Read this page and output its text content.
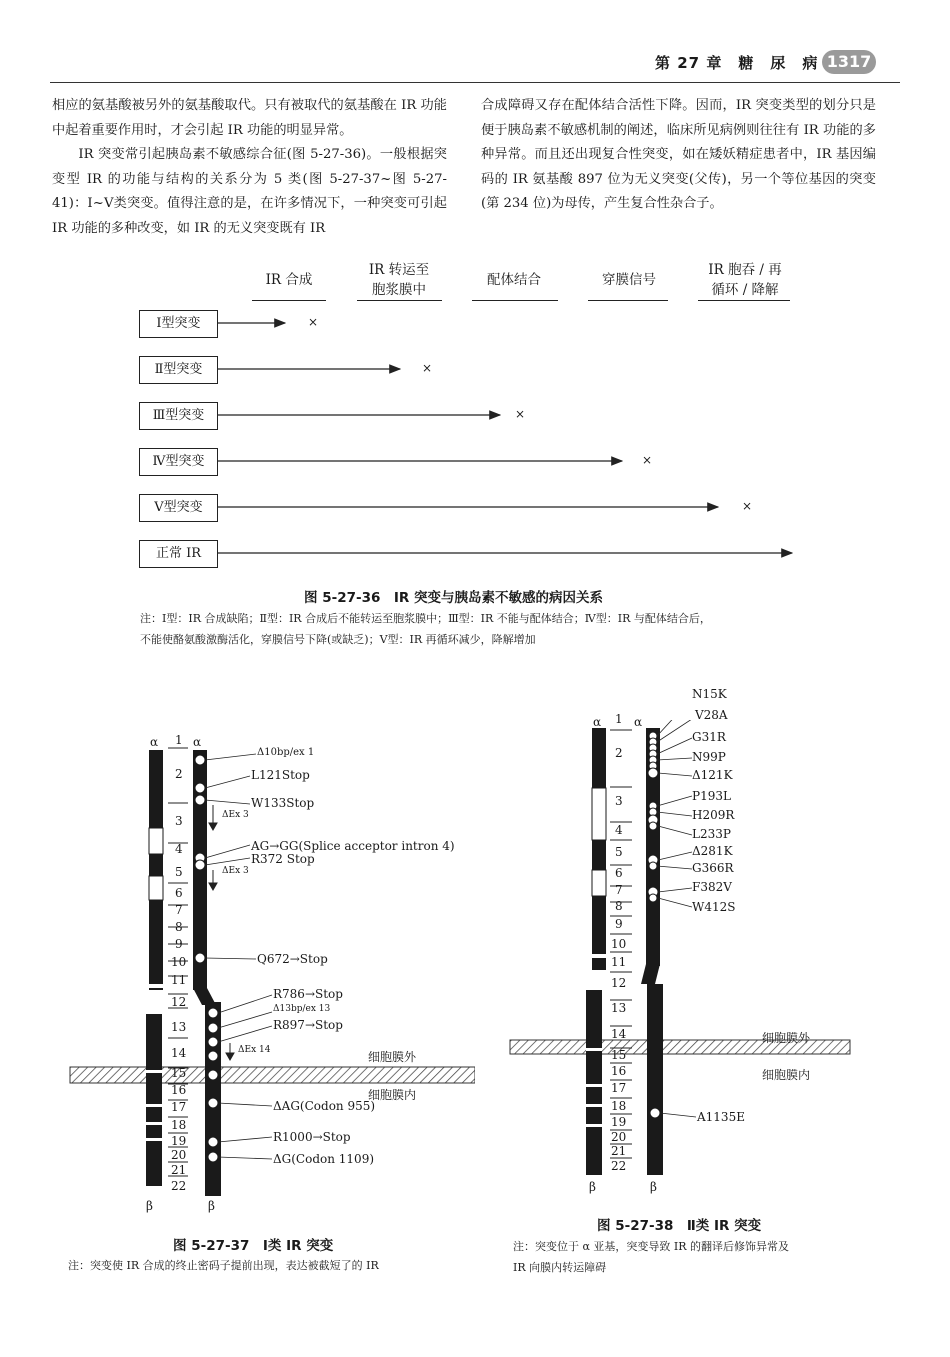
第 27 章　糖　尿　病 1317

相应的氨基酸被另外的氨基酸取代。只有被取代的氨基酸在 IR 功能中起着重要作用时，才会引起 IR 功能的明显异常。

IR 突变常引起胰岛素不敏感综合征(图 5-27-36)。一般根据突变型 IR 的功能与结构的关系分为 5 类(图 5-27-37~图 5-27-41)：Ⅰ~Ⅴ类突变。值得注意的是，在许多情况下，一种突变可引起 IR 功能的多种改变，如 IR 的无义突变既有 IR

合成障碍又存在配体结合活性下降。因而，IR 突变类型的划分只是便于胰岛素不敏感机制的阐述，临床所见病例则往往有 IR 功能的多种异常。而且还出现复合性突变，如在矮妖精症患者中，IR 基因编码的 IR 氨基酸 897 位为无义突变(父传)，另一个等位基因的突变(第 234 位)为母传，产生复合性杂合子。

IR 合成
IR 转运至
胞浆膜中
配体结合	穿膜信号
IR 胞吞 / 再
循环 / 降解
Ⅰ型突变
Ⅱ型突变
Ⅲ型突变
Ⅳ型突变
Ⅴ型突变
正常 IR
×
×
×
×
×
图 5-27-36　IR 突变与胰岛素不敏感的病因关系
注：Ⅰ型：IR 合成缺陷；Ⅱ型：IR 合成后不能转运至胞浆膜中；Ⅲ型：IR 不能与配体结合；Ⅳ型：IR 与配体结合后，
不能使酪氨酸激酶活化，穿膜信号下降(或缺乏)；Ⅴ型：IR 再循环减少，降解增加
α	α
β	β
1
2
3
4
5
6
7
8
9
10
11
12
13
14
15
16
17
18
19
20
21
22
Δ10bp/ex 1
L121Stop
W133Stop
ΔEx 3
AG→GG(Splice acceptor intron 4)
R372 Stop
ΔEx 3
Q672→Stop
R786→Stop
Δ13bp/ex 13
R897→Stop
ΔEx 14
ΔAG(Codon 955)
R1000→Stop
ΔG(Codon 1109)
细胞膜外
细胞膜内
图 5-27-37　Ⅰ类 IR 突变
注：突变使 IR 合成的终止密码子提前出现，表达被截短了的 IR
α	α
β	β
1
2
3
4
5
6
7
8
9
10
11
12
13
14
15
16
17
18
19
20
21
22
N15K
V28A
G31R
N99P
Δ121K
P193L
H209R
L233P
Δ281K
G366R
F382V
W412S
A1135E
细胞膜外
细胞膜内
图 5-27-38　Ⅱ类 IR 突变
注：突变位于 α 亚基，突变导致 IR 的翻译后修饰异常及
IR 向膜内转运障碍
